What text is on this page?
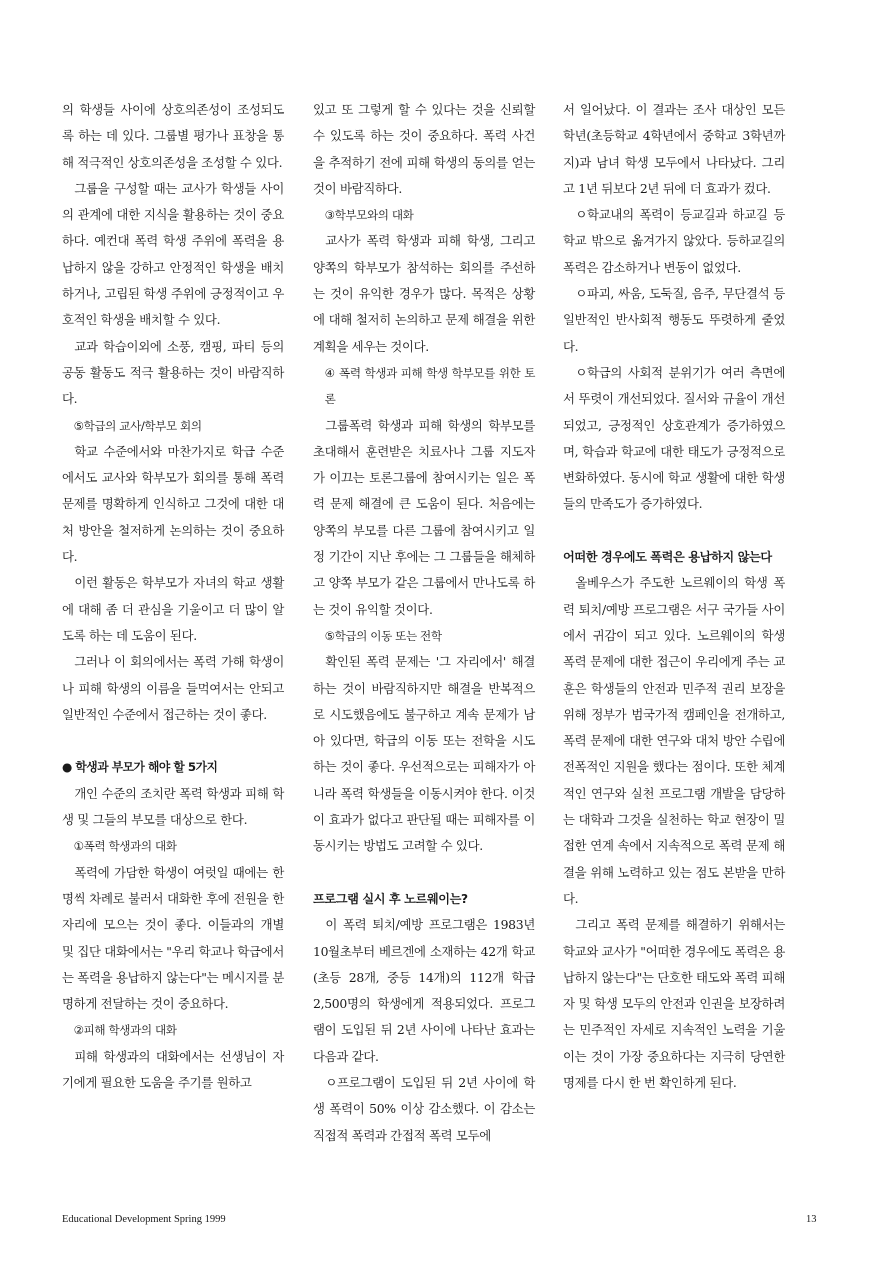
의 학생들 사이에 상호의존성이 조성되도록 하는 데 있다. 그룹별 평가나 표창을 통해 적극적인 상호의존성을 조성할 수 있다.

그룹을 구성할 때는 교사가 학생들 사이의 관계에 대한 지식을 활용하는 것이 중요하다. 예컨대 폭력 학생 주위에 폭력을 용납하지 않을 강하고 안정적인 학생을 배치하거나, 고립된 학생 주위에 긍정적이고 우호적인 학생을 배치할 수 있다.

교과 학습이외에 소풍, 캠핑, 파티 등의 공동 활동도 적극 활용하는 것이 바람직하다.

⑤학급의 교사/학부모 회의

학교 수준에서와 마찬가지로 학급 수준에서도 교사와 학부모가 회의를 통해 폭력 문제를 명확하게 인식하고 그것에 대한 대처 방안을 철저하게 논의하는 것이 중요하다.

이런 활동은 학부모가 자녀의 학교 생활에 대해 좀 더 관심을 기울이고 더 많이 알도록 하는 데 도움이 된다.

그러나 이 회의에서는 폭력 가해 학생이나 피해 학생의 이름을 들먹여서는 안되고 일반적인 수준에서 접근하는 것이 좋다.

● 학생과 부모가 해야 할 5가지

개인 수준의 조치란 폭력 학생과 피해 학생 및 그들의 부모를 대상으로 한다.

①폭력 학생과의 대화

폭력에 가담한 학생이 여럿일 때에는 한 명씩 차례로 불러서 대화한 후에 전원을 한 자리에 모으는 것이 좋다. 이들과의 개별 및 집단 대화에서는 "우리 학교나 학급에서는 폭력을 용납하지 않는다"는 메시지를 분명하게 전달하는 것이 중요하다.

②피해 학생과의 대화

피해 학생과의 대화에서는 선생님이 자기에게 필요한 도움을 주기를 원하고

있고 또 그렇게 할 수 있다는 것을 신뢰할 수 있도록 하는 것이 중요하다. 폭력 사건을 추적하기 전에 피해 학생의 동의를 얻는 것이 바람직하다.

③학부모와의 대화

교사가 폭력 학생과 피해 학생, 그리고 양쪽의 학부모가 참석하는 회의를 주선하는 것이 유익한 경우가 많다. 목적은 상황에 대해 철저히 논의하고 문제 해결을 위한 계획을 세우는 것이다.

④ 폭력 학생과 피해 학생 학부모를 위한 토론

그룹폭력 학생과 피해 학생의 학부모를 초대해서 훈련받은 치료사나 그룹 지도자가 이끄는 토론그룹에 참여시키는 일은 폭력 문제 해결에 큰 도움이 된다. 처음에는 양쪽의 부모를 다른 그룹에 참여시키고 일정 기간이 지난 후에는 그 그룹들을 해체하고 양쪽 부모가 같은 그룹에서 만나도록 하는 것이 유익할 것이다.

⑤학급의 이동 또는 전학

확인된 폭력 문제는 '그 자리에서' 해결하는 것이 바람직하지만 해결을 반복적으로 시도했음에도 불구하고 계속 문제가 남아 있다면, 학급의 이동 또는 전학을 시도하는 것이 좋다. 우선적으로는 피해자가 아니라 폭력 학생들을 이동시켜야 한다. 이것이 효과가 없다고 판단될 때는 피해자를 이동시키는 방법도 고려할 수 있다.

프로그램 실시 후 노르웨이는?

이 폭력 퇴치/예방 프로그램은 1983년 10월초부터 베르겐에 소재하는 42개 학교(초등 28개, 중등 14개)의 112개 학급 2,500명의 학생에게 적용되었다. 프로그램이 도입된 뒤 2년 사이에 나타난 효과는 다음과 같다.

ㅇ프로그램이 도입된 뒤 2년 사이에 학생 폭력이 50% 이상 감소했다. 이 감소는 직접적 폭력과 간접적 폭력 모두에

서 일어났다. 이 결과는 조사 대상인 모든 학년(초등학교 4학년에서 중학교 3학년까지)과 남녀 학생 모두에서 나타났다. 그리고 1년 뒤보다 2년 뒤에 더 효과가 컸다.

ㅇ학교내의 폭력이 등교길과 하교길 등 학교 밖으로 옮겨가지 않았다. 등하교길의 폭력은 감소하거나 변동이 없었다.

ㅇ파괴, 싸움, 도둑질, 음주, 무단결석 등 일반적인 반사회적 행동도 뚜렷하게 줄었다.

ㅇ학급의 사회적 분위기가 여러 측면에서 뚜렷이 개선되었다. 질서와 규율이 개선되었고, 긍정적인 상호관계가 증가하였으며, 학습과 학교에 대한 태도가 긍정적으로 변화하였다. 동시에 학교 생활에 대한 학생들의 만족도가 증가하였다.

어떠한 경우에도 폭력은 용납하지 않는다

올베우스가 주도한 노르웨이의 학생 폭력 퇴치/예방 프로그램은 서구 국가들 사이에서 귀감이 되고 있다. 노르웨이의 학생 폭력 문제에 대한 접근이 우리에게 주는 교훈은 학생들의 안전과 민주적 권리 보장을 위해 정부가 범국가적 캠페인을 전개하고, 폭력 문제에 대한 연구와 대처 방안 수립에 전폭적인 지원을 했다는 점이다. 또한 체계적인 연구와 실천 프로그램 개발을 담당하는 대학과 그것을 실천하는 학교 현장이 밀접한 연계 속에서 지속적으로 폭력 문제 해결을 위해 노력하고 있는 점도 본받을 만하다.

그리고 폭력 문제를 해결하기 위해서는 학교와 교사가 "어떠한 경우에도 폭력은 용납하지 않는다"는 단호한 태도와 폭력 피해자 및 학생 모두의 안전과 인권을 보장하려는 민주적인 자세로 지속적인 노력을 기울이는 것이 가장 중요하다는 지극히 당연한 명제를 다시 한 번 확인하게 된다.

Educational Development Spring 1999	13
